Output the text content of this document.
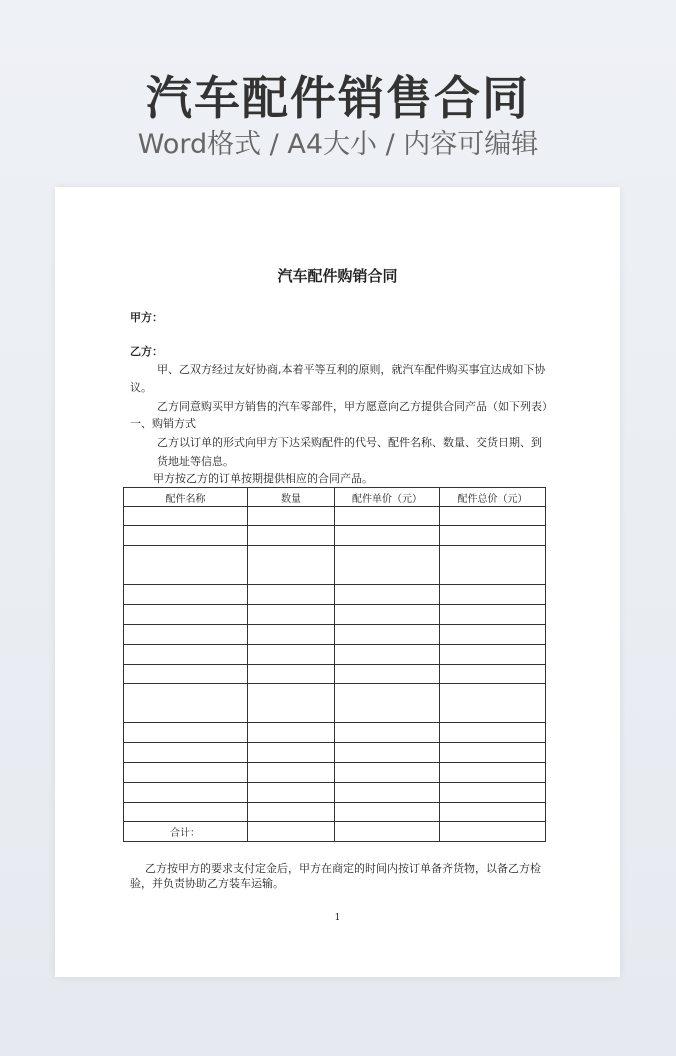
汽车配件销售合同
Word格式 / A4大小 / 内容可编辑
汽车配件购销合同
甲方：
乙方：
甲、乙双方经过友好协商,本着平等互利的原则，就汽车配件购买事宜达成如下协
议。
乙方同意购买甲方销售的汽车零部件，甲方愿意向乙方提供合同产品（如下列表）
一、购销方式
乙方以订单的形式向甲方下达采购配件的代号、配件名称、数量、交货日期、到
货地址等信息。
甲方按乙方的订单按期提供相应的合同产品。
配件名称	数量	配件单价（元）	配件总价（元）

合计：			
乙方按甲方的要求支付定金后，甲方在商定的时间内按订单备齐货物，以备乙方检
验，并负责协助乙方装车运输。
1
